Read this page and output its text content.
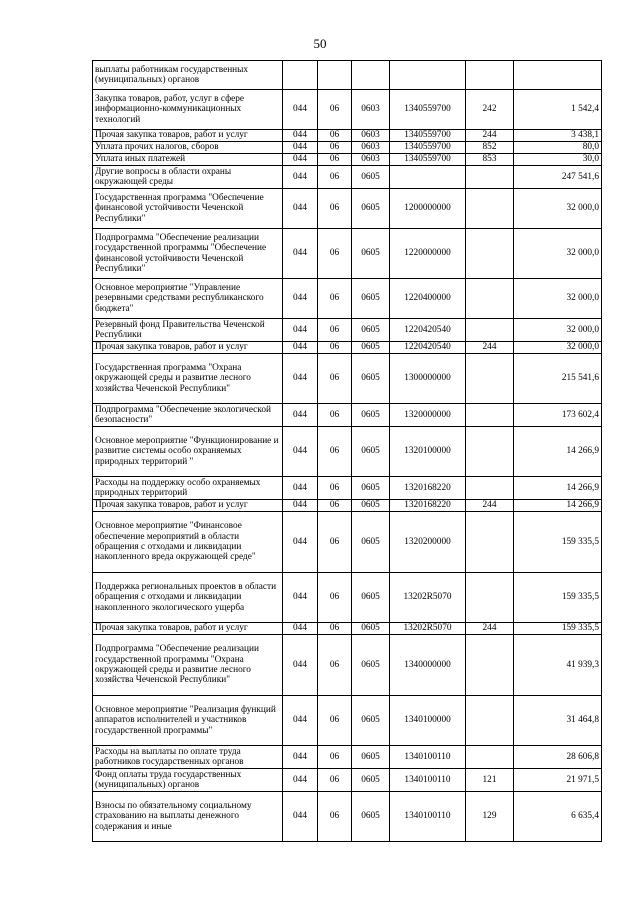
50
выплаты работникам государственных (муниципальных) органов						
Закупка товаров, работ, услуг в сфере информационно-коммуникационных технологий	044	06	0603	1340559700	242	1 542,4
Прочая закупка товаров, работ и услуг	044	06	0603	1340559700	244	3 438,1
Уплата прочих налогов, сборов	044	06	0603	1340559700	852	80,0
Уплата иных платежей	044	06	0603	1340559700	853	30,0
Другие вопросы в области охраны окружающей среды	044	06	0605			247 541,6
Государственная программа "Обеспечение финансовой устойчивости Чеченской Республики"	044	06	0605	1200000000		32 000,0
Подпрограмма "Обеспечение реализации государственной программы "Обеспечение финансовой устойчивости Чеченской Республики"	044	06	0605	1220000000		32 000,0
Основное мероприятие "Управление резервными средствами республиканского бюджета"	044	06	0605	1220400000		32 000,0
Резервный фонд Правительства Чеченской Республики	044	06	0605	1220420540		32 000,0
Прочая закупка товаров, работ и услуг	044	06	0605	1220420540	244	32 000,0
Государственная программа "Охрана окружающей среды и развитие лесного хозяйства Чеченской Республики"	044	06	0605	1300000000		215 541,6
Подпрограмма "Обеспечение экологической безопасности"	044	06	0605	1320000000		173 602,4
Основное мероприятие "Функционирование и развитие системы особо охраняемых природных территорий "	044	06	0605	1320100000		14 266,9
Расходы на поддержку особо охраняемых природных территорий	044	06	0605	1320168220		14 266,9
Прочая закупка товаров, работ и услуг	044	06	0605	1320168220	244	14 266,9
Основное мероприятие "Финансовое обеспечение мероприятий в области обращения с отходами и ликвидации накопленного вреда окружающей среде"	044	06	0605	1320200000		159 335,5
Поддержка региональных проектов в области обращения с отходами и ликвидации накопленного экологического ущерба	044	06	0605	13202R5070		159 335,5
Прочая закупка товаров, работ и услуг	044	06	0605	13202R5070	244	159 335,5
Подпрограмма "Обеспечение реализации государственной программы "Охрана окружающей среды и развитие лесного хозяйства Чеченской Республики"	044	06	0605	1340000000		41 939,3
Основное мероприятие "Реализация функций аппаратов исполнителей и участников государственной программы"	044	06	0605	1340100000		31 464,8
Расходы на выплаты по оплате труда работников государственных органов	044	06	0605	1340100110		28 606,8
Фонд оплаты труда государственных (муниципальных) органов	044	06	0605	1340100110	121	21 971,5
Взносы по обязательному социальному страхованию на выплаты денежного содержания и иные	044	06	0605	1340100110	129	6 635,4
